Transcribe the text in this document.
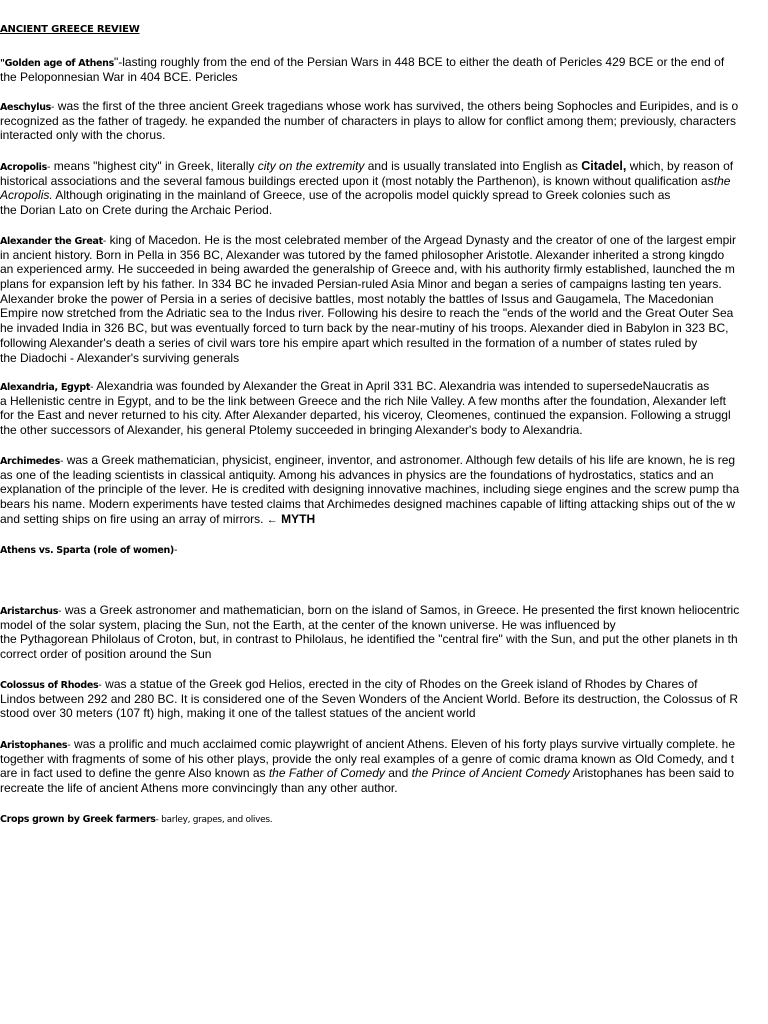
ANCIENT GREECE REVIEW
"Golden age of Athens"-lasting roughly from the end of the Persian Wars in 448 BCE to either the death of Pericles 429 BCE or the end of
the Peloponnesian War in 404 BCE. Pericles
Aeschylus- was the first of the three ancient Greek tragedians whose work has survived, the others being Sophocles and Euripides, and is o
recognized as the father of tragedy. he expanded the number of characters in plays to allow for conflict among them; previously, characters
interacted only with the chorus.
Acropolis- means "highest city" in Greek, literally city on the extremity and is usually translated into English as Citadel, which, by reason of
historical associations and the several famous buildings erected upon it (most notably the Parthenon), is known without qualification asthe
Acropolis. Although originating in the mainland of Greece, use of the acropolis model quickly spread to Greek colonies such as
the Dorian Lato on Crete during the Archaic Period.
Alexander the Great- king of Macedon. He is the most celebrated member of the Argead Dynasty and the creator of one of the largest empir
in ancient history. Born in Pella in 356 BC, Alexander was tutored by the famed philosopher Aristotle. Alexander inherited a strong kingdo
an experienced army. He succeeded in being awarded the generalship of Greece and, with his authority firmly established, launched the m
plans for expansion left by his father. In 334 BC he invaded Persian-ruled Asia Minor and began a series of campaigns lasting ten years.
Alexander broke the power of Persia in a series of decisive battles, most notably the battles of Issus and Gaugamela, The Macedonian
Empire now stretched from the Adriatic sea to the Indus river. Following his desire to reach the "ends of the world and the Great Outer Sea
he invaded India in 326 BC, but was eventually forced to turn back by the near-mutiny of his troops. Alexander died in Babylon in 323 BC,
following Alexander's death a series of civil wars tore his empire apart which resulted in the formation of a number of states ruled by
the Diadochi - Alexander's surviving generals
Alexandria, Egypt- Alexandria was founded by Alexander the Great in April 331 BC. Alexandria was intended to supersedeNaucratis as
a Hellenistic centre in Egypt, and to be the link between Greece and the rich Nile Valley. A few months after the foundation, Alexander left
for the East and never returned to his city. After Alexander departed, his viceroy, Cleomenes, continued the expansion. Following a struggl
the other successors of Alexander, his general Ptolemy succeeded in bringing Alexander's body to Alexandria.
Archimedes- was a Greek mathematician, physicist, engineer, inventor, and astronomer. Although few details of his life are known, he is reg
as one of the leading scientists in classical antiquity. Among his advances in physics are the foundations of hydrostatics, statics and an
explanation of the principle of the lever. He is credited with designing innovative machines, including siege engines and the screw pump tha
bears his name. Modern experiments have tested claims that Archimedes designed machines capable of lifting attacking ships out of the w
and setting ships on fire using an array of mirrors. ← MYTH
Athens vs. Sparta (role of women)-
Aristarchus- was a Greek astronomer and mathematician, born on the island of Samos, in Greece. He presented the first known heliocentric
model of the solar system, placing the Sun, not the Earth, at the center of the known universe. He was influenced by
the Pythagorean Philolaus of Croton, but, in contrast to Philolaus, he identified the "central fire" with the Sun, and put the other planets in th
correct order of position around the Sun
Colossus of Rhodes- was a statue of the Greek god Helios, erected in the city of Rhodes on the Greek island of Rhodes by Chares of
Lindos between 292 and 280 BC. It is considered one of the Seven Wonders of the Ancient World. Before its destruction, the Colossus of R
stood over 30 meters (107 ft) high, making it one of the tallest statues of the ancient world
Aristophanes- was a prolific and much acclaimed comic playwright of ancient Athens. Eleven of his forty plays survive virtually complete. he
together with fragments of some of his other plays, provide the only real examples of a genre of comic drama known as Old Comedy, and t
are in fact used to define the genre Also known as the Father of Comedy and the Prince of Ancient Comedy Aristophanes has been said to
recreate the life of ancient Athens more convincingly than any other author.
Crops grown by Greek farmers- barley, grapes, and olives.
